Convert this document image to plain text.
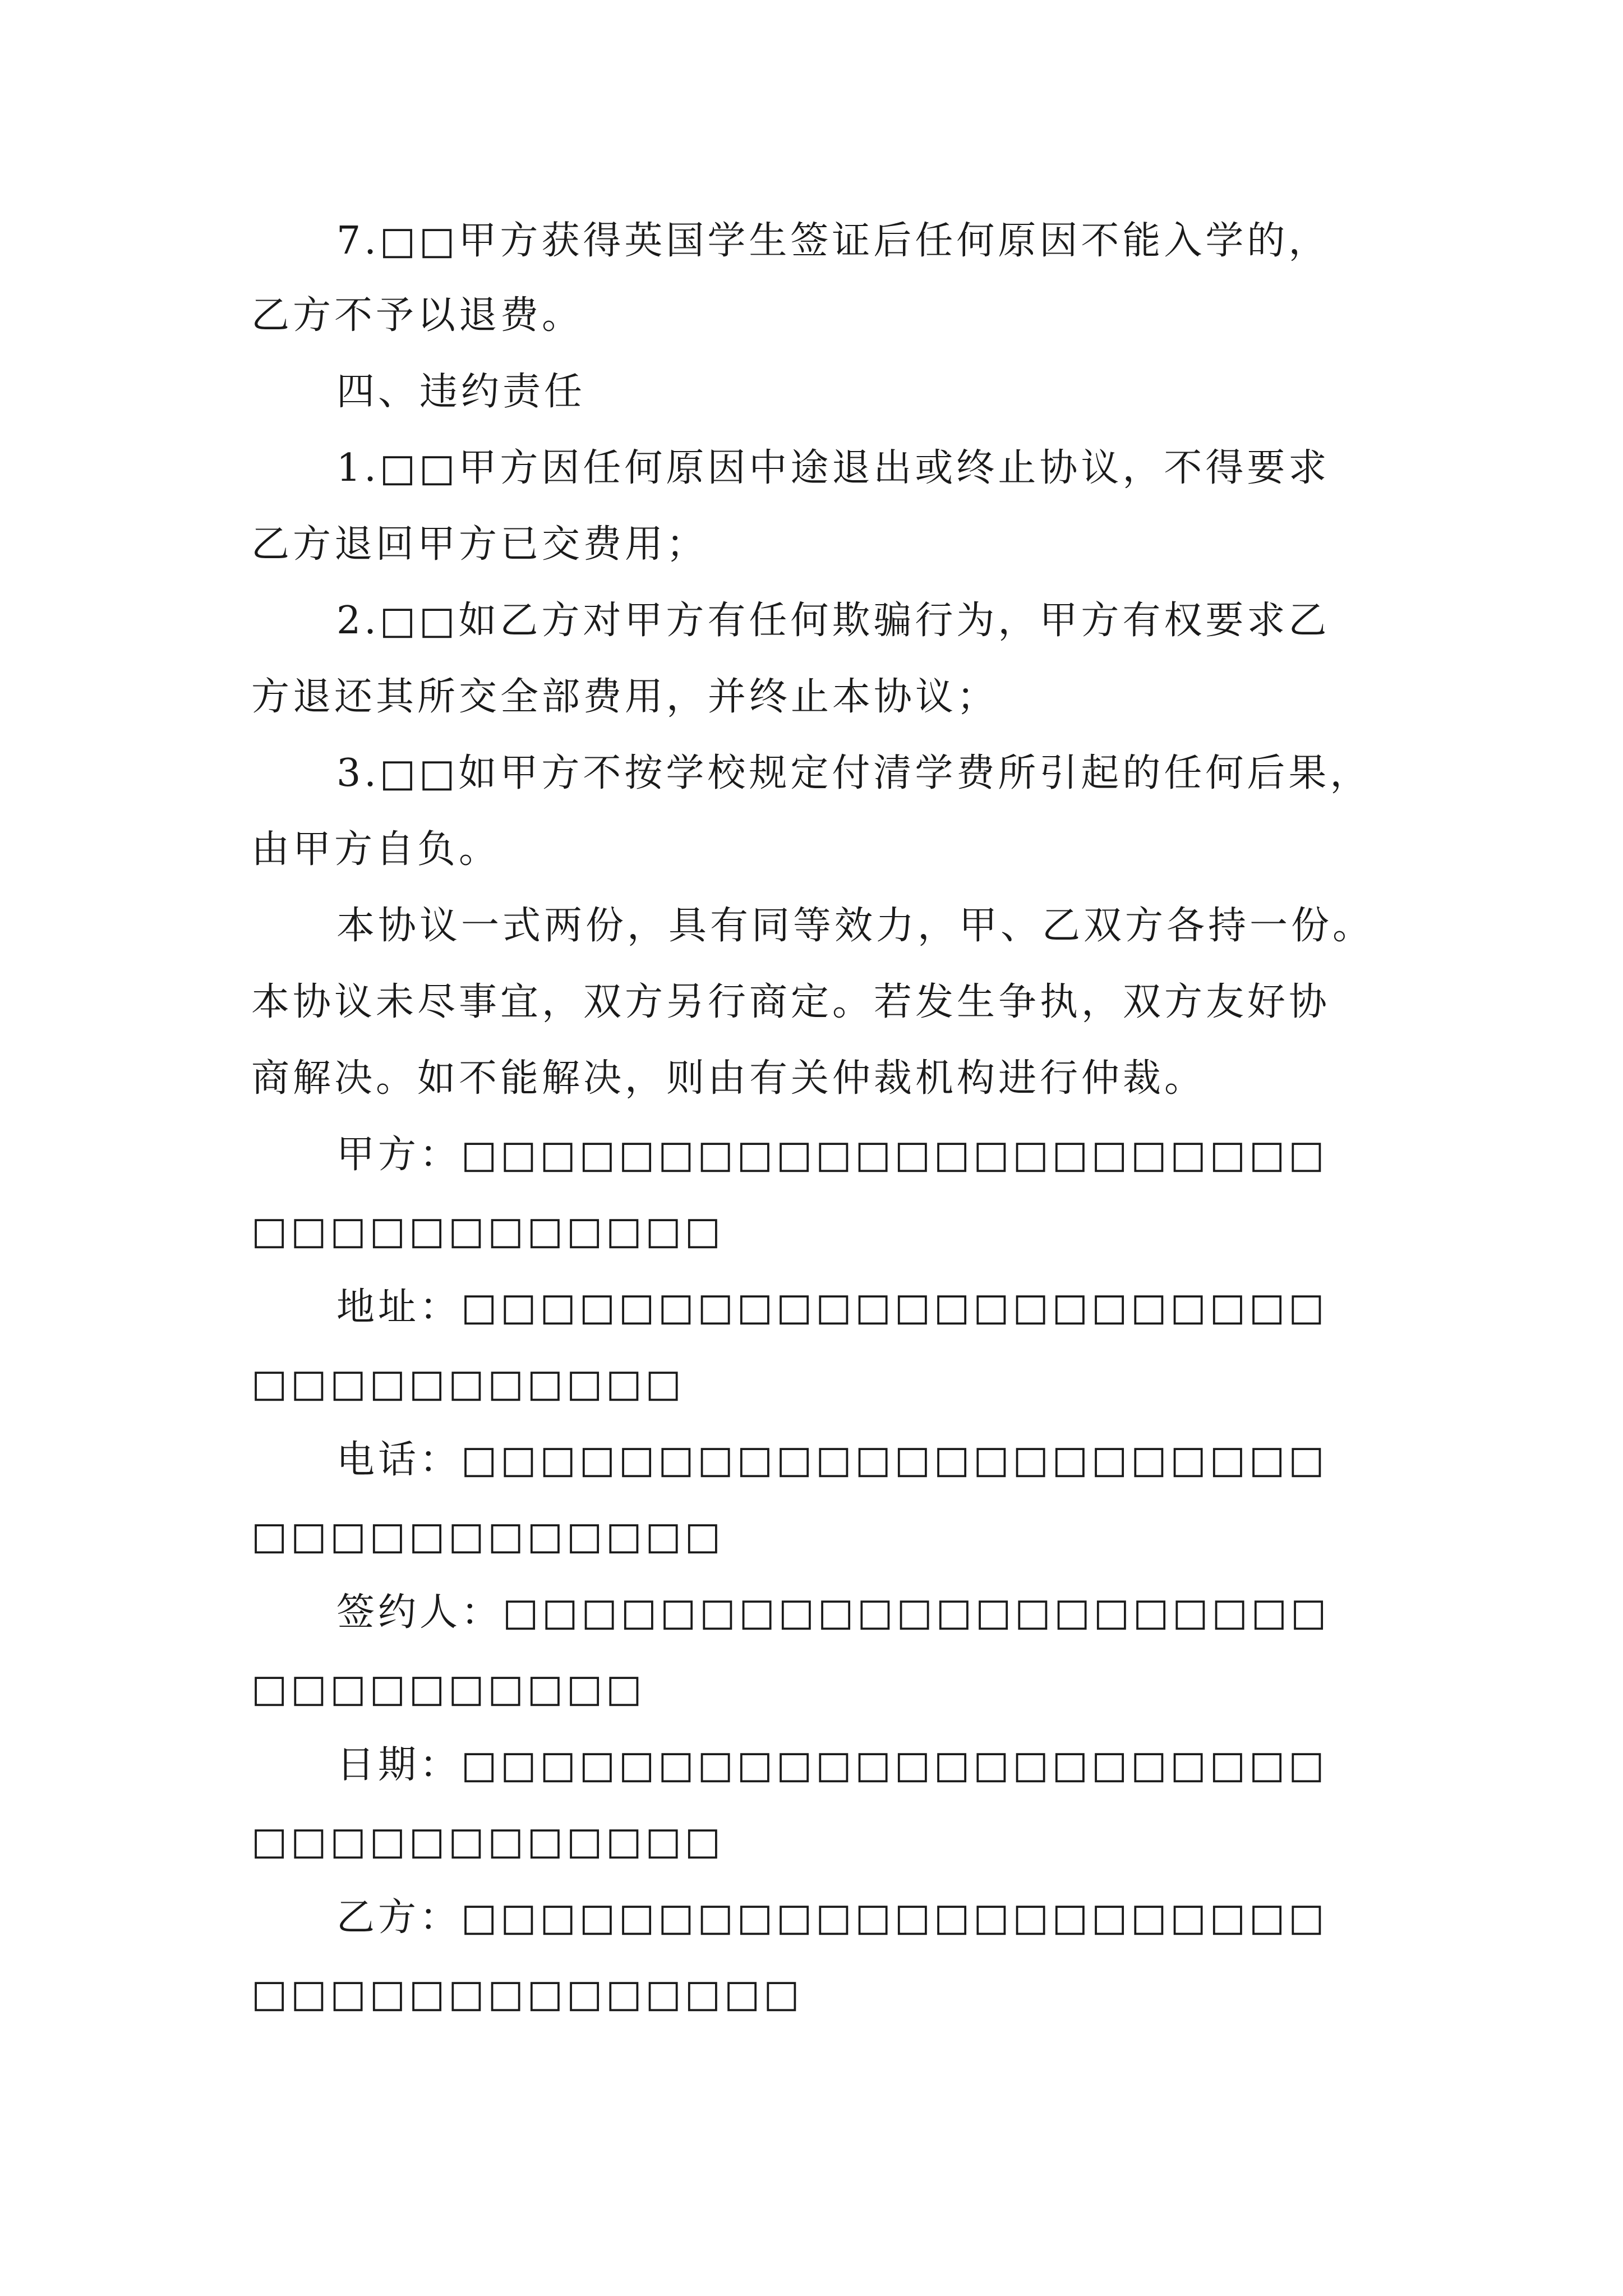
7.□□甲方获得英国学生签证后任何原因不能入学的，
乙方不予以退费。
四、违约责任
1.□□甲方因任何原因中途退出或终止协议，不得要求
乙方退回甲方已交费用；
2.□□如乙方对甲方有任何欺骗行为，甲方有权要求乙
方退还其所交全部费用，并终止本协议；
3.□□如甲方不按学校规定付清学费所引起的任何后果，
由甲方自负。
本协议一式两份，具有同等效力，甲、乙双方各持一份。
本协议未尽事宜，双方另行商定。若发生争执，双方友好协
商解决。如不能解决，则由有关仲裁机构进行仲裁。
甲方：□□□□□□□□□□□□□□□□□□□□□□
□□□□□□□□□□□□
地址：□□□□□□□□□□□□□□□□□□□□□□
□□□□□□□□□□□
电话：□□□□□□□□□□□□□□□□□□□□□□
□□□□□□□□□□□□
签约人：□□□□□□□□□□□□□□□□□□□□□
□□□□□□□□□□
日期：□□□□□□□□□□□□□□□□□□□□□□
□□□□□□□□□□□□
乙方：□□□□□□□□□□□□□□□□□□□□□□
□□□□□□□□□□□□□□
